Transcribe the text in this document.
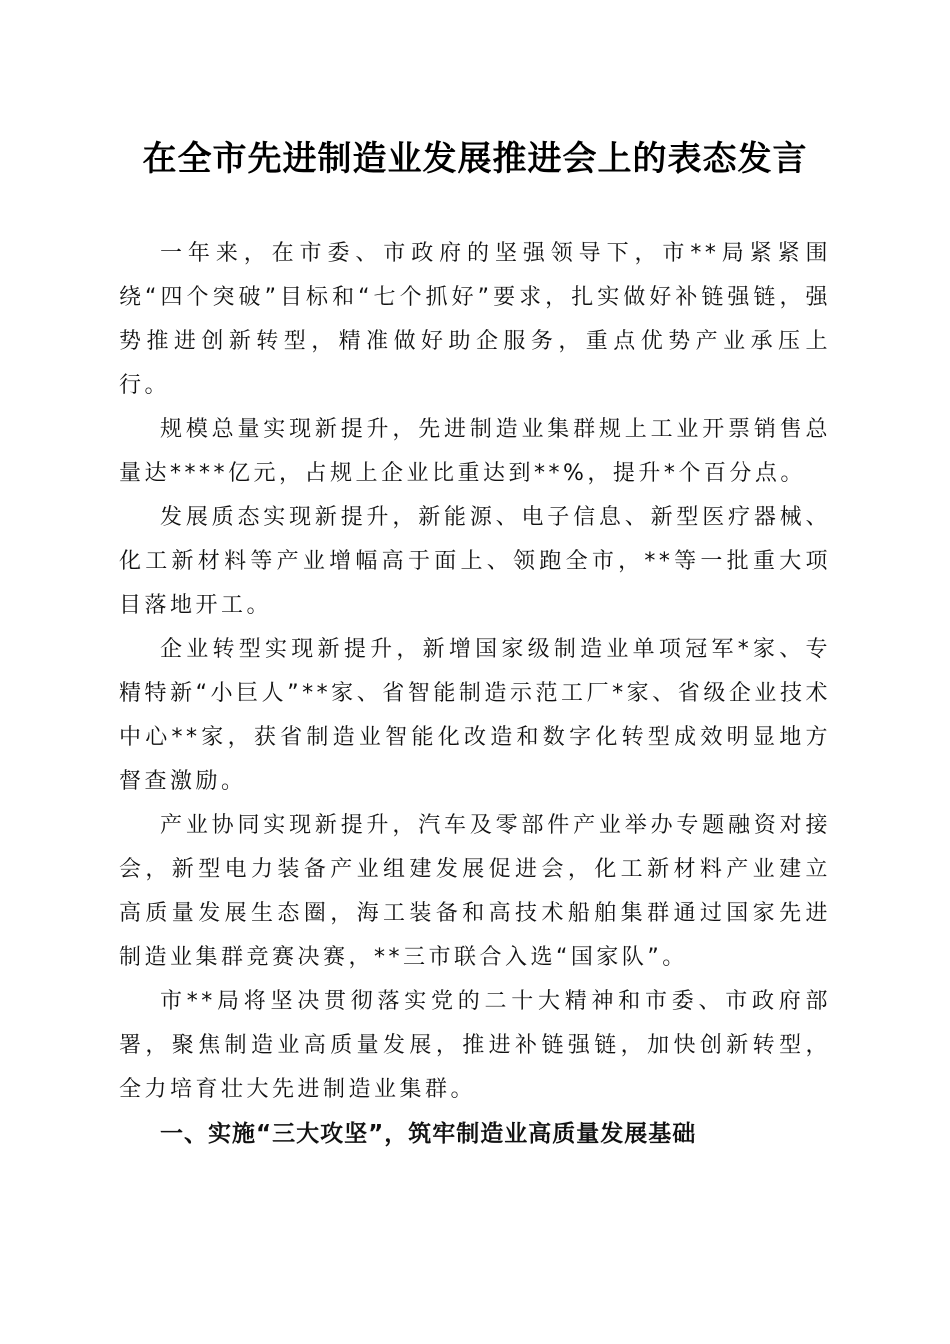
在全市先进制造业发展推进会上的表态发言

一年来，在市委、市政府的坚强领导下，市**局紧紧围绕“四个突破”目标和“七个抓好”要求，扎实做好补链强链，强势推进创新转型，精准做好助企服务，重点优势产业承压上行。

规模总量实现新提升，先进制造业集群规上工业开票销售总量达****亿元，占规上企业比重达到**%，提升*个百分点。

发展质态实现新提升，新能源、电子信息、新型医疗器械、化工新材料等产业增幅高于面上、领跑全市，**等一批重大项目落地开工。

企业转型实现新提升，新增国家级制造业单项冠军*家、专精特新“小巨人”**家、省智能制造示范工厂*家、省级企业技术中心**家，获省制造业智能化改造和数字化转型成效明显地方督查激励。

产业协同实现新提升，汽车及零部件产业举办专题融资对接会，新型电力装备产业组建发展促进会，化工新材料产业建立高质量发展生态圈，海工装备和高技术船舶集群通过国家先进制造业集群竞赛决赛，**三市联合入选“国家队”。

市**局将坚决贯彻落实党的二十大精神和市委、市政府部署，聚焦制造业高质量发展，推进补链强链，加快创新转型，全力培育壮大先进制造业集群。

一、实施“三大攻坚”，筑牢制造业高质量发展基础
